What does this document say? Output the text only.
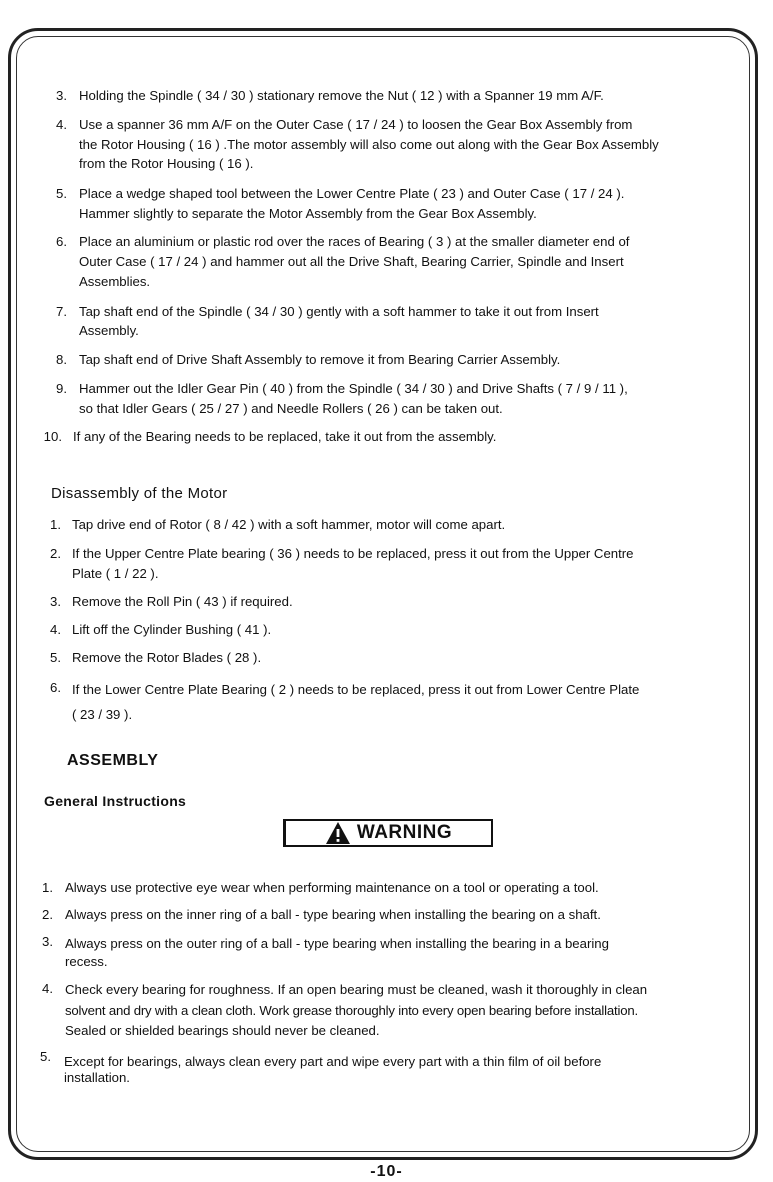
3. Holding the Spindle ( 34 / 30 ) stationary remove the Nut ( 12 ) with a Spanner 19 mm A/F.
4. Use a spanner 36 mm A/F on the Outer Case ( 17 / 24 ) to loosen the Gear Box Assembly from
the Rotor Housing ( 16 ) .The motor assembly will also come out along with the Gear Box Assembly
from the Rotor Housing ( 16 ).
5. Place a wedge shaped tool between the Lower Centre Plate ( 23 ) and Outer Case ( 17 / 24 ).
Hammer slightly to separate the Motor Assembly from the Gear Box Assembly.
6. Place an aluminium or plastic rod over the races of Bearing ( 3 ) at the smaller diameter end of
Outer Case ( 17 / 24 ) and hammer out all the Drive Shaft, Bearing Carrier, Spindle and Insert
Assemblies.
7. Tap shaft end of the Spindle ( 34 / 30 ) gently with a soft hammer to take it out from Insert
Assembly.
8. Tap shaft end of Drive Shaft Assembly to remove it from Bearing Carrier Assembly.
9. Hammer out the Idler Gear Pin ( 40 ) from the Spindle ( 34 / 30 ) and Drive Shafts ( 7 / 9 / 11 ),
so that Idler Gears ( 25 / 27 ) and Needle Rollers ( 26 ) can be taken out.
10. If any of the Bearing needs to be replaced, take it out from the assembly.
Disassembly of the Motor
1. Tap drive end of Rotor ( 8 / 42 ) with a soft hammer, motor will come apart.
2. If the Upper Centre Plate bearing ( 36 ) needs to be replaced, press it out from the Upper Centre
Plate ( 1 / 22 ).
3. Remove the Roll Pin ( 43 ) if required.
4. Lift off the Cylinder Bushing ( 41 ).
5. Remove the Rotor Blades ( 28 ).
6. If the Lower Centre Plate Bearing ( 2 ) needs to be replaced, press it out from Lower Centre Plate
( 23 / 39 ).
ASSEMBLY
General Instructions
WARNING
1. Always use protective eye wear when performing maintenance on a tool or operating a tool.
2. Always press on the inner ring of a ball - type bearing when installing the bearing on a shaft.
3. Always press on the outer ring of a ball - type bearing when installing the bearing in a bearing
recess.
4. Check every bearing for roughness. If an open bearing must be cleaned, wash it thoroughly in clean
solvent and dry with a clean cloth. Work grease thoroughly into every open bearing before installation.
Sealed or shielded bearings should never be cleaned.
5. Except for bearings, always clean every part and wipe every part with a thin film of oil before
installation.
-10-
